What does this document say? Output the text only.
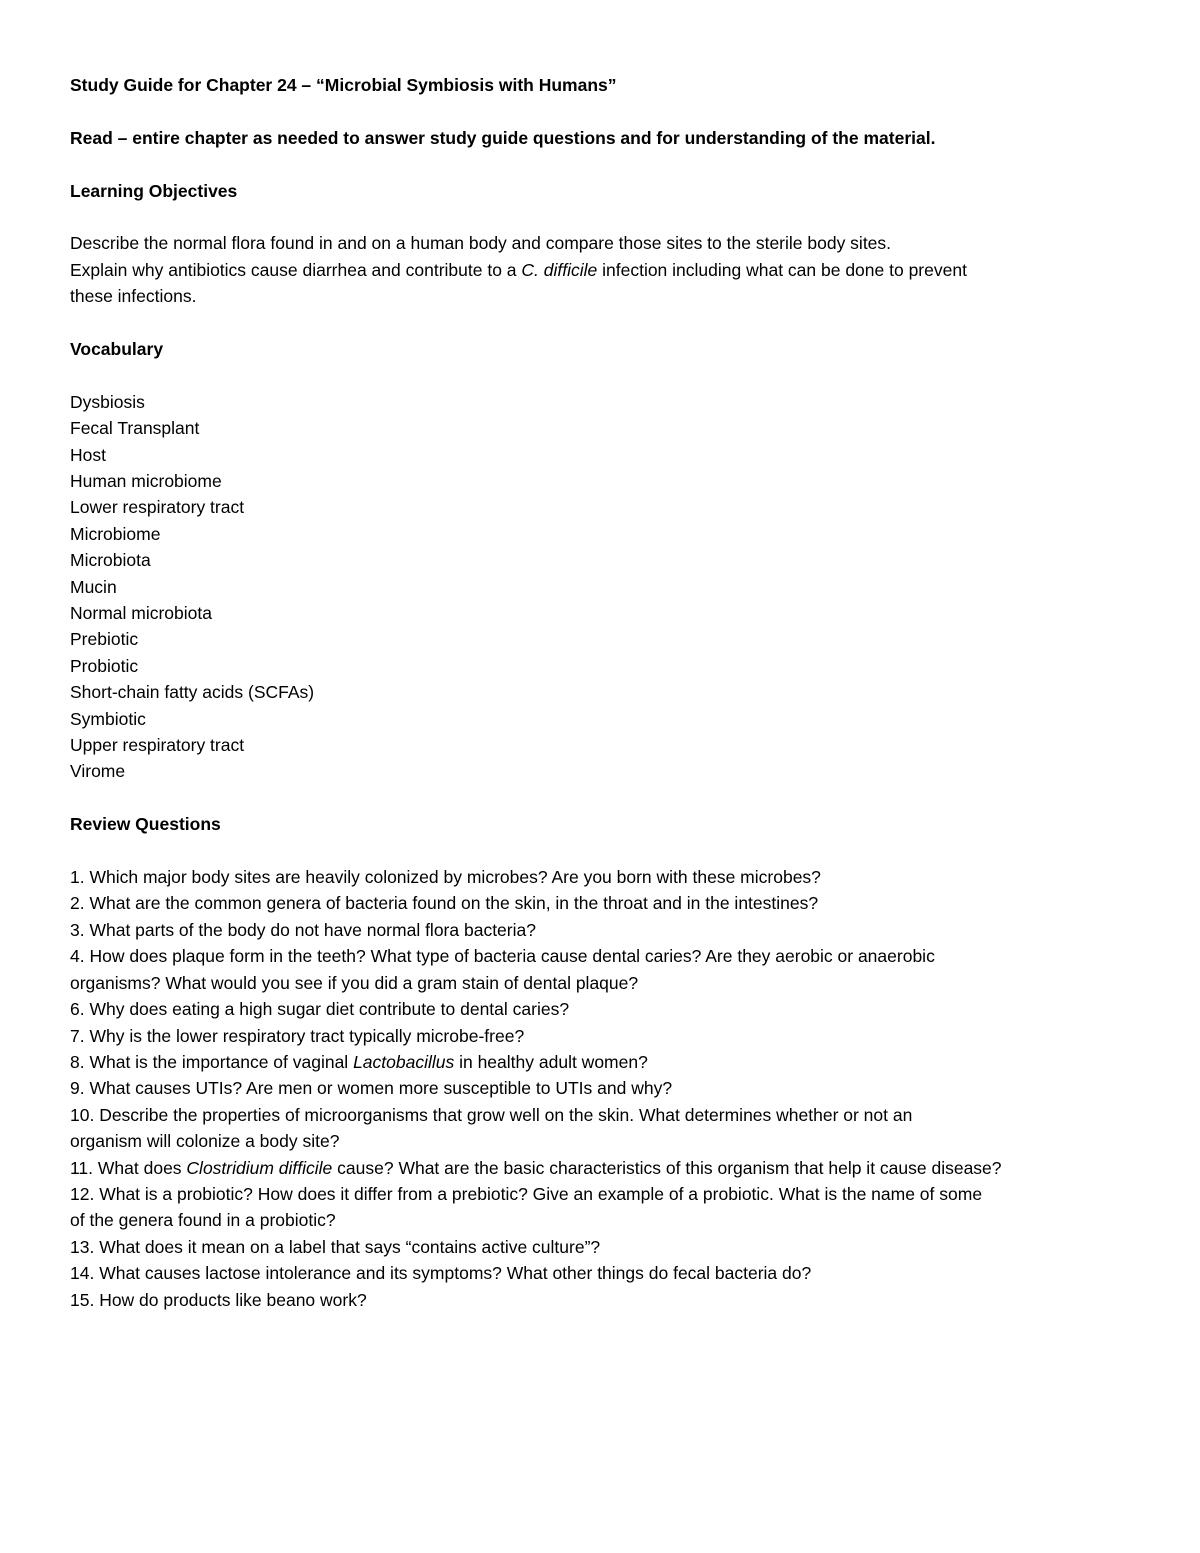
Study Guide for Chapter 24 – “Microbial Symbiosis with Humans”
Read – entire chapter as needed to answer study guide questions and for understanding of the material.
Learning Objectives
Describe the normal flora found in and on a human body and compare those sites to the sterile body sites.
Explain why antibiotics cause diarrhea and contribute to a C. difficile infection including what can be done to prevent
these infections.
Vocabulary
Dysbiosis
Fecal Transplant
Host
Human microbiome
Lower respiratory tract
Microbiome
Microbiota
Mucin
Normal microbiota
Prebiotic
Probiotic
Short-chain fatty acids (SCFAs)
Symbiotic
Upper respiratory tract
Virome
Review Questions
1. Which major body sites are heavily colonized by microbes? Are you born with these microbes?
2. What are the common genera of bacteria found on the skin, in the throat and in the intestines?
3. What parts of the body do not have normal flora bacteria?
4. How does plaque form in the teeth? What type of bacteria cause dental caries? Are they aerobic or anaerobic
organisms? What would you see if you did a gram stain of dental plaque?
6. Why does eating a high sugar diet contribute to dental caries?
7. Why is the lower respiratory tract typically microbe-free?
8. What is the importance of vaginal Lactobacillus in healthy adult women?
9. What causes UTIs? Are men or women more susceptible to UTIs and why?
10. Describe the properties of microorganisms that grow well on the skin. What determines whether or not an
organism will colonize a body site?
11. What does Clostridium difficile cause? What are the basic characteristics of this organism that help it cause disease?
12. What is a probiotic? How does it differ from a prebiotic? Give an example of a probiotic. What is the name of some
of the genera found in a probiotic?
13. What does it mean on a label that says “contains active culture”?
14. What causes lactose intolerance and its symptoms? What other things do fecal bacteria do?
15. How do products like beano work?
